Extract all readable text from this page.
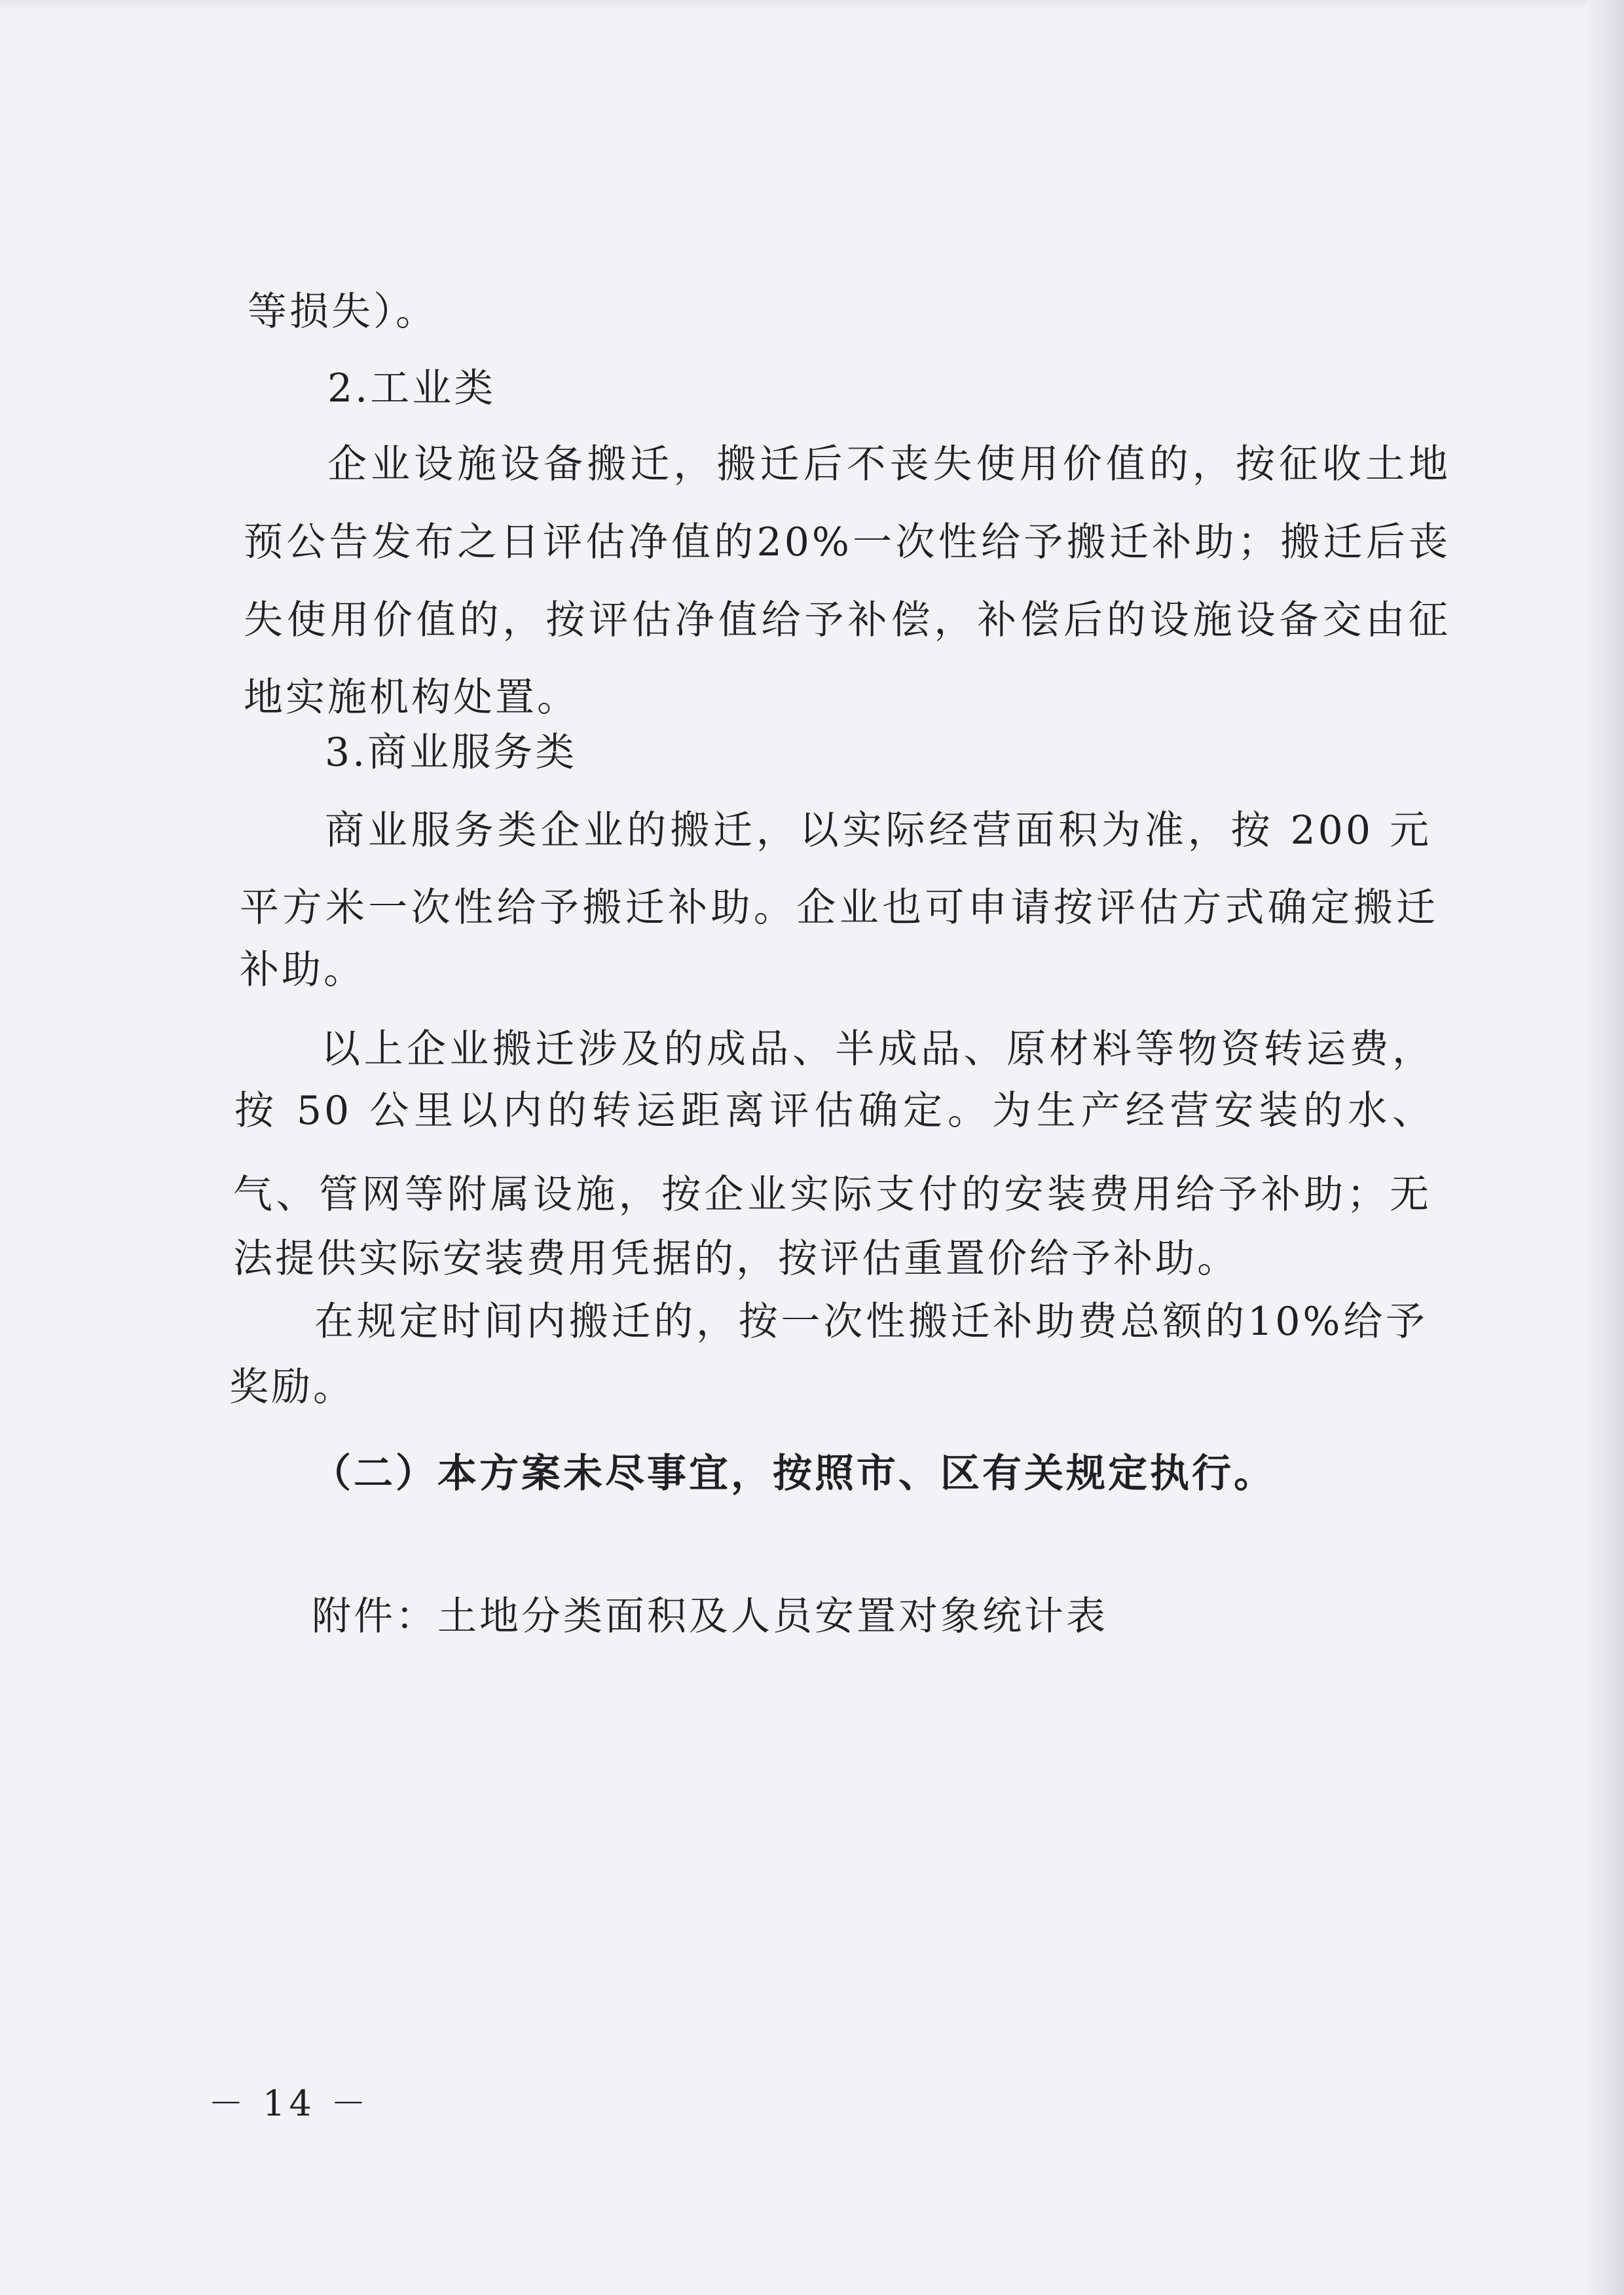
等损失）。
2.工业类
企业设施设备搬迁，搬迁后不丧失使用价值的，按征收土地
预公告发布之日评估净值的20%一次性给予搬迁补助；搬迁后丧
失使用价值的，按评估净值给予补偿，补偿后的设施设备交由征
地实施机构处置。
3.商业服务类
商业服务类企业的搬迁，以实际经营面积为准，按 200 元
平方米一次性给予搬迁补助。企业也可申请按评估方式确定搬迁
补助。
以上企业搬迁涉及的成品、半成品、原材料等物资转运费，
按 50 公里以内的转运距离评估确定。为生产经营安装的水、
气、管网等附属设施，按企业实际支付的安装费用给予补助；无
法提供实际安装费用凭据的，按评估重置价给予补助。
在规定时间内搬迁的，按一次性搬迁补助费总额的10%给予
奖励。
（二）本方案未尽事宜，按照市、区有关规定执行。
附件：土地分类面积及人员安置对象统计表
－ 14 －
